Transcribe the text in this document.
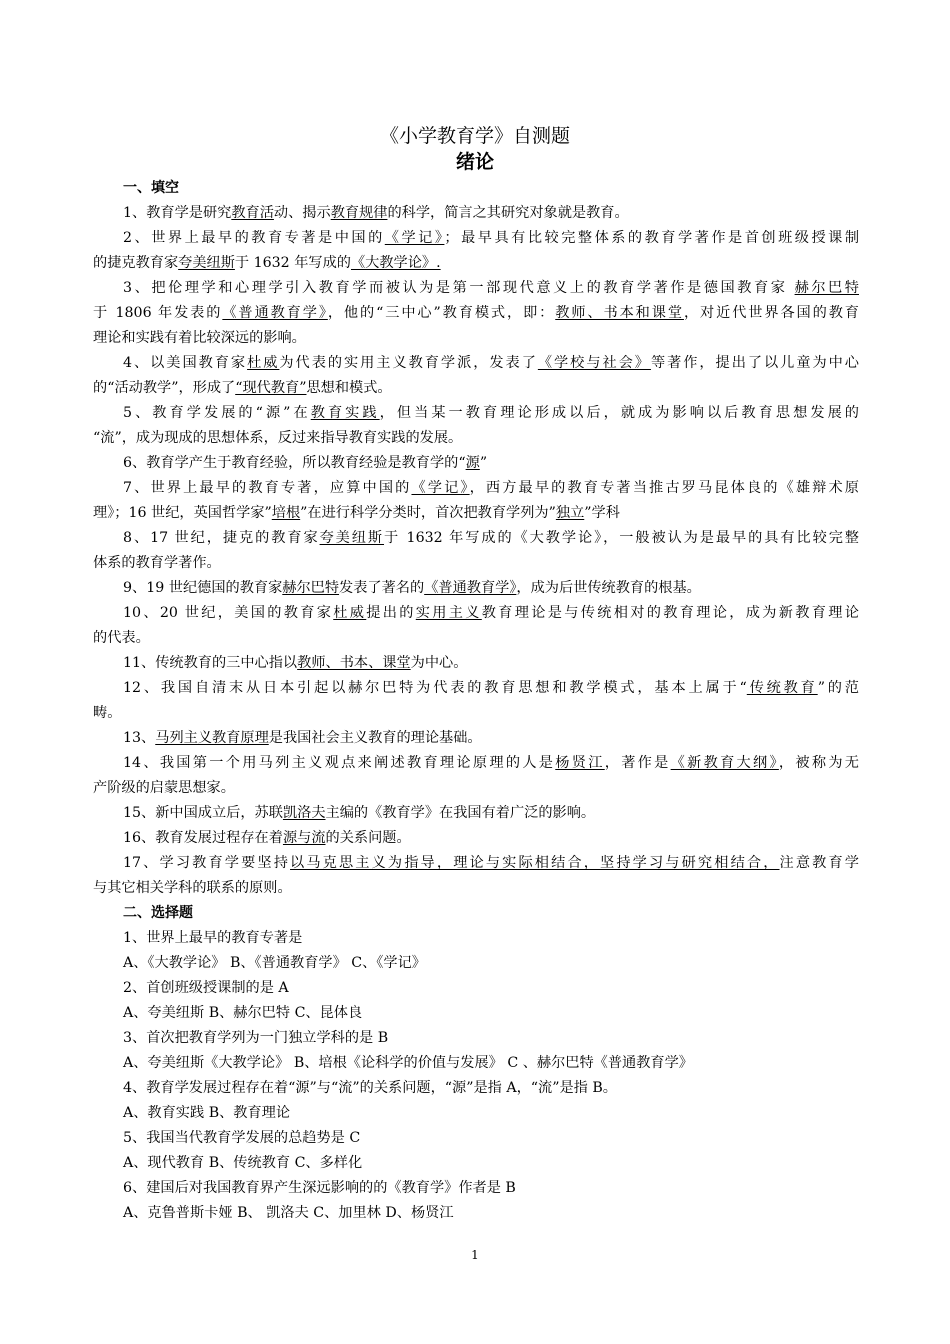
《小学教育学》自测题
绪论
一、填空
1、教育学是研究教育活动、揭示教育规律的科学，简言之其研究对象就是教育。
2、世界上最早的教育专著是中国的《学记》；最早具有比较完整体系的教育学著作是首创班级授课制
的捷克教育家夸美纽斯于 1632 年写成的《大教学论》.
3、把伦理学和心理学引入教育学而被认为是第一部现代意义上的教育学著作是德国教育家 赫尔巴特
于 1806 年发表的《普通教育学》，他的“三中心”教育模式，即：教师、书本和课堂，对近代世界各国的教育
理论和实践有着比较深远的影响。
4、以美国教育家杜威为代表的实用主义教育学派，发表了《学校与社会》等著作，提出了以儿童为中心
的“活动教学”，形成了“现代教育”思想和模式。
5、教育学发展的“源”在教育实践，但当某一教育理论形成以后，就成为影响以后教育思想发展的
“流”，成为现成的思想体系，反过来指导教育实践的发展。
6、教育学产生于教育经验，所以教育经验是教育学的“源”
7、世界上最早的教育专著，应算中国的《学记》，西方最早的教育专著当推古罗马昆体良的《雄辩术原
理》；16 世纪，英国哲学家”培根”在进行科学分类时，首次把教育学列为”独立”学科
8、17 世纪，捷克的教育家夸美纽斯于 1632 年写成的《大教学论》，一般被认为是最早的具有比较完整
体系的教育学著作。
9、19 世纪德国的教育家赫尔巴特发表了著名的《普通教育学》，成为后世传统教育的根基。
10、20 世纪，美国的教育家杜威提出的实用主义教育理论是与传统相对的教育理论，成为新教育理论
的代表。
11、传统教育的三中心指以教师、书本、课堂为中心。
12、我国自清末从日本引起以赫尔巴特为代表的教育思想和教学模式，基本上属于“传统教育”的范
畴。
13、马列主义教育原理是我国社会主义教育的理论基础。
14、我国第一个用马列主义观点来阐述教育理论原理的人是杨贤江，著作是《新教育大纲》，被称为无
产阶级的启蒙思想家。
15、新中国成立后，苏联凯洛夫主编的《教育学》在我国有着广泛的影响。
16、教育发展过程存在着源与流的关系问题。
17、学习教育学要坚持以马克思主义为指导，理论与实际相结合，坚持学习与研究相结合，注意教育学
与其它相关学科的联系的原则。
二、选择题
1、世界上最早的教育专著是
A、《大教学论》 B、《普通教育学》 C、《学记》
2、首创班级授课制的是 A
A、夸美纽斯 B、赫尔巴特 C、昆体良
3、首次把教育学列为一门独立学科的是 B
A、夸美纽斯《大教学论》 B、培根《论科学的价值与发展》 C 、赫尔巴特《普通教育学》
4、教育学发展过程存在着“源”与“流”的关系问题，“源”是指 A，“流”是指 B。
A、教育实践 B、教育理论
5、我国当代教育学发展的总趋势是 C
A、现代教育 B、传统教育 C、多样化
6、建国后对我国教育界产生深远影响的的《教育学》作者是 B
A、克鲁普斯卡娅 B、 凯洛夫 C、加里林 D、杨贤江
1
